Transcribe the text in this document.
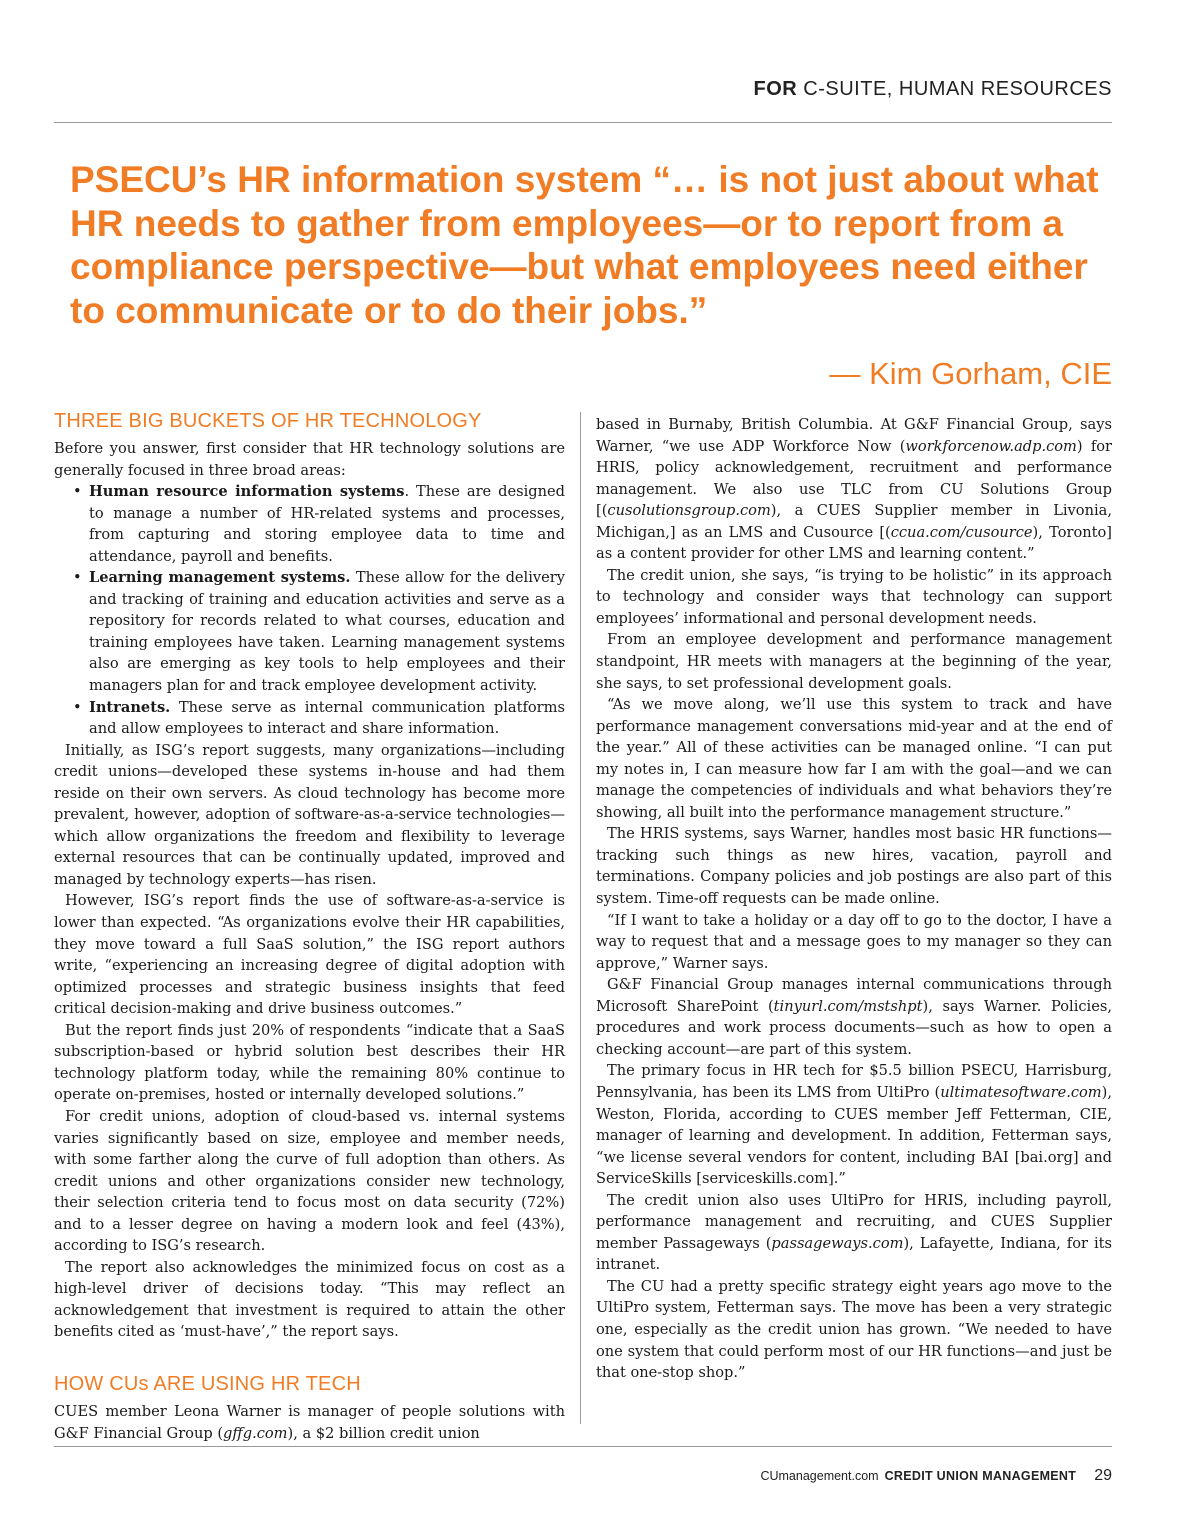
FOR C-SUITE, HUMAN RESOURCES

PSECU’s HR information system “… is not just about what HR needs to gather from employees—or to report from a compliance perspective—but what employees need either to communicate or to do their jobs.”

— Kim Gorham, CIE
THREE BIG BUCKETS OF HR TECHNOLOGY

Before you answer, first consider that HR technology solutions are generally focused in three broad areas:

• Human resource information systems. These are designed to manage a number of HR-related systems and processes, from capturing and storing employee data to time and attendance, payroll and benefits.
• Learning management systems. These allow for the delivery and tracking of training and education activities and serve as a repository for records related to what courses, education and training employees have taken. Learning management systems also are emerging as key tools to help employees and their managers plan for and track employee development activity.
• Intranets. These serve as internal communication platforms and allow employees to interact and share information.

Initially, as ISG’s report suggests, many organizations—including credit unions—developed these systems in-house and had them reside on their own servers. As cloud technology has become more prevalent, however, adoption of software-as-a-service technologies—which allow organizations the freedom and flexibility to leverage external resources that can be continually updated, improved and managed by technology experts—has risen.

However, ISG’s report finds the use of software-as-a-service is lower than expected. “As organizations evolve their HR capabilities, they move toward a full SaaS solution,” the ISG report authors write, “experiencing an increasing degree of digital adoption with optimized processes and strategic business insights that feed critical decision-making and drive business outcomes.”

But the report finds just 20% of respondents “indicate that a SaaS subscription-based or hybrid solution best describes their HR technology platform today, while the remaining 80% continue to operate on-premises, hosted or internally developed solutions.”

For credit unions, adoption of cloud-based vs. internal systems varies significantly based on size, employee and member needs, with some farther along the curve of full adoption than others. As credit unions and other organizations consider new technology, their selection criteria tend to focus most on data security (72%) and to a lesser degree on having a modern look and feel (43%), according to ISG’s research.

The report also acknowledges the minimized focus on cost as a high-level driver of decisions today. “This may reflect an acknowledgement that investment is required to attain the other benefits cited as ‘must-have’,” the report says.

HOW CUs ARE USING HR TECH

CUES member Leona Warner is manager of people solutions with G&F Financial Group (gffg.com), a $2 billion credit union

based in Burnaby, British Columbia. At G&F Financial Group, says Warner, “we use ADP Workforce Now (workforcenow.adp.com) for HRIS, policy acknowledgement, recruitment and performance management. We also use TLC from CU Solutions Group [(cusolutionsgroup.com), a CUES Supplier member in Livonia, Michigan,] as an LMS and Cusource [(ccua.com/cusource), Toronto] as a content provider for other LMS and learning content.”

The credit union, she says, “is trying to be holistic” in its approach to technology and consider ways that technology can support employees’ informational and personal development needs.

From an employee development and performance management standpoint, HR meets with managers at the beginning of the year, she says, to set professional development goals.

“As we move along, we’ll use this system to track and have performance management conversations mid-year and at the end of the year.” All of these activities can be managed online. “I can put my notes in, I can measure how far I am with the goal—and we can manage the competencies of individuals and what behaviors they’re showing, all built into the performance management structure.”

The HRIS systems, says Warner, handles most basic HR functions—tracking such things as new hires, vacation, payroll and terminations. Company policies and job postings are also part of this system. Time-off requests can be made online.

“If I want to take a holiday or a day off to go to the doctor, I have a way to request that and a message goes to my manager so they can approve,” Warner says.

G&F Financial Group manages internal communications through Microsoft SharePoint (tinyurl.com/mstshpt), says Warner. Policies, procedures and work process documents—such as how to open a checking account—are part of this system.

The primary focus in HR tech for $5.5 billion PSECU, Harrisburg, Pennsylvania, has been its LMS from UltiPro (ultimatesoftware.com), Weston, Florida, according to CUES member Jeff Fetterman, CIE, manager of learning and development. In addition, Fetterman says, “we license several vendors for content, including BAI [bai.org] and ServiceSkills [serviceskills.com].”

The credit union also uses UltiPro for HRIS, including payroll, performance management and recruiting, and CUES Supplier member Passageways (passageways.com), Lafayette, Indiana, for its intranet.

The CU had a pretty specific strategy eight years ago move to the UltiPro system, Fetterman says. The move has been a very strategic one, especially as the credit union has grown. “We needed to have one system that could perform most of our HR functions—and just be that one-stop shop.”

CUmanagement.com CREDIT UNION MANAGEMENT 29
